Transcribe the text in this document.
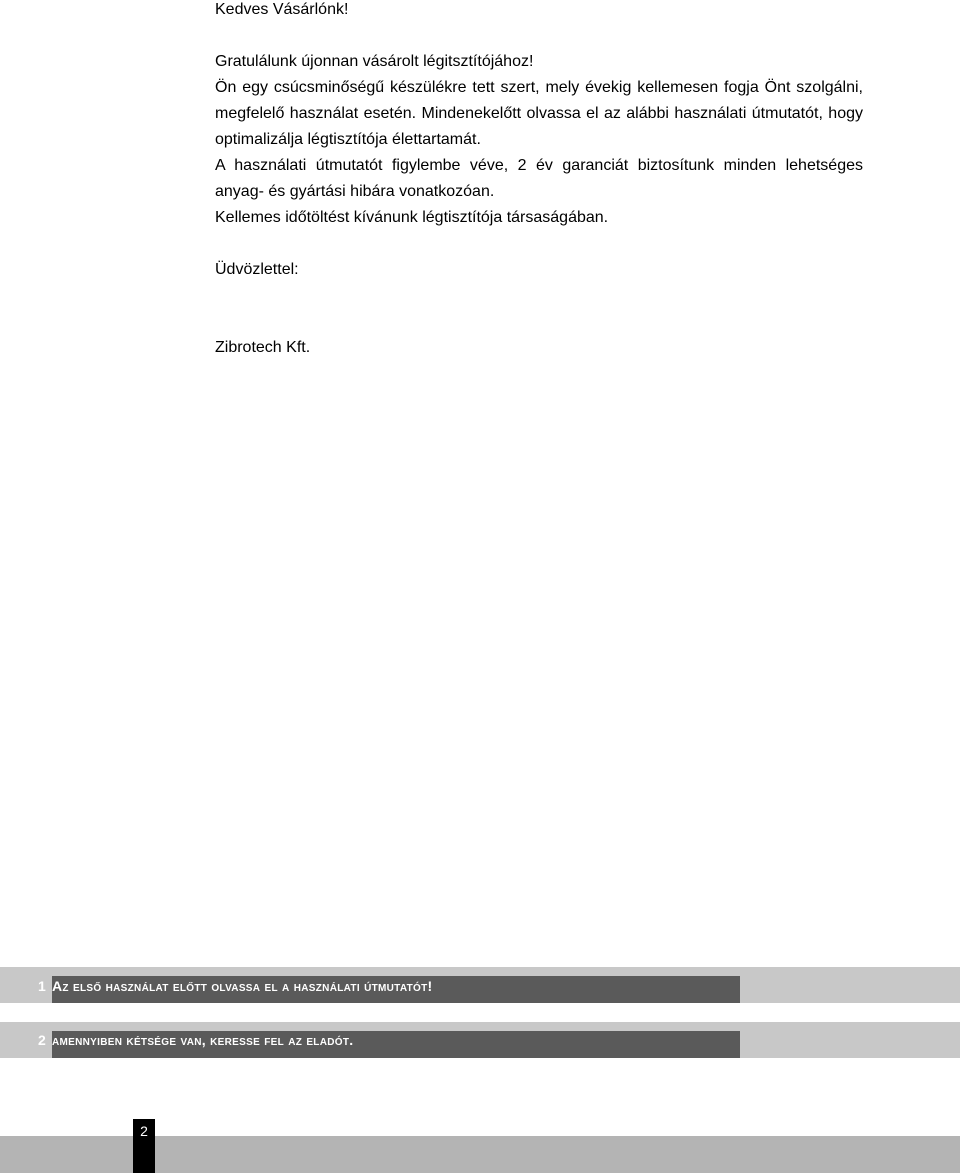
Kedves Vásárlónk!

Gratulálunk újonnan vásárolt légitsztítójához!

Ön egy csúcsminőségű készülékre tett szert, mely évekig kellemesen fogja Önt szolgálni, megfelelő használat esetén. Mindenekelőtt olvassa el az alábbi használati útmutatót, hogy optimalizálja légtisztítója élettartamát.

A használati útmutatót figylembe véve, 2 év garanciát biztosítunk minden lehetséges anyag- és gyártási hibára vonatkozóan.

Kellemes időtöltést kívánunk légtisztítója társaságában.

Üdvözlettel:

Zibrotech Kft.

1 Az első használat előtt olvassa el a használati útmutatót!
2 amennyiben kétsége van, keresse fel az eladót.
2
